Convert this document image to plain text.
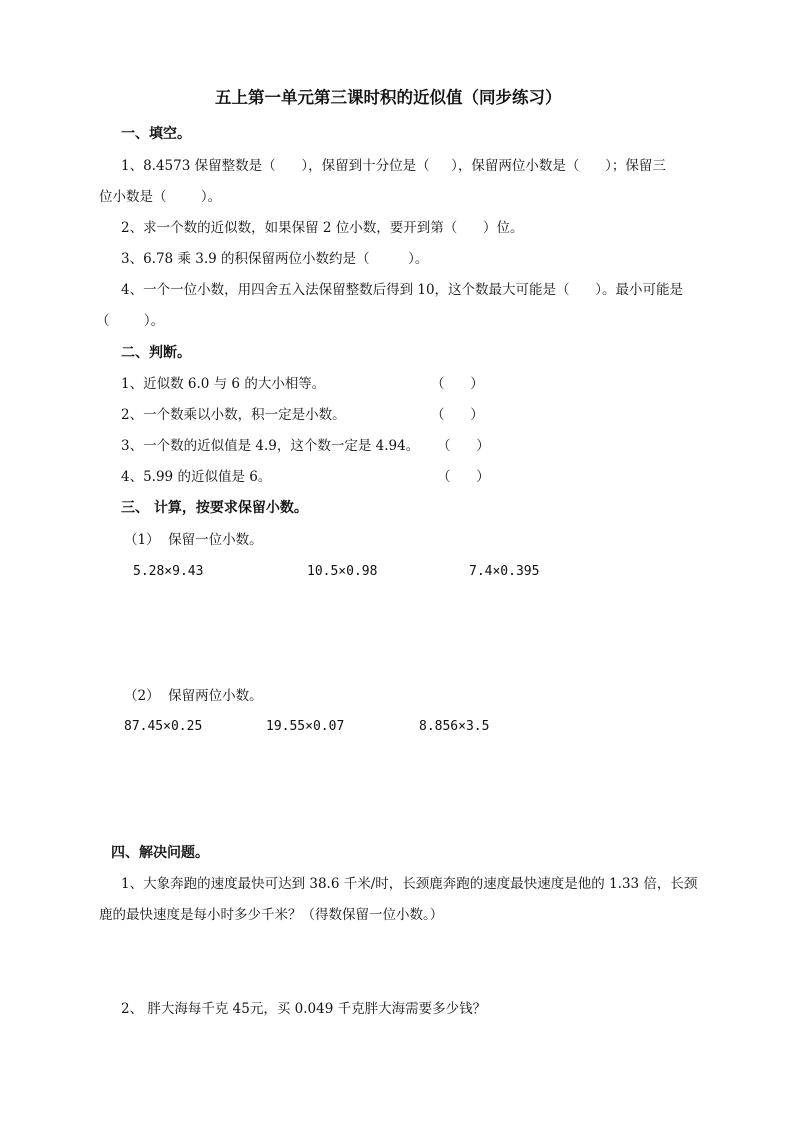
五上第一单元第三课时积的近似值（同步练习）
一、填空。
1、8.4573 保留整数是（      ），保留到十分位是（     ），保留两位小数是（      ）；保留三
位小数是（        ）。
2、求一个数的近似数，如果保留 2 位小数，要开到第（      ）位。
3、6.78 乘 3.9 的积保留两位小数约是（         ）。
4、一个一位小数，用四舍五入法保留整数后得到 10，这个数最大可能是（      ）。最小可能是
（        ）。
二、判断。
1、近似数 6.0 与 6 的大小相等。	（      ）
2、一个数乘以小数，积一定是小数。	（      ）
3、一个数的近似值是 4.9，这个数一定是 4.94。 （      ）
4、5.99 的近似值是 6。	（      ）
三、 计算，按要求保留小数。
（1）  保留一位小数。
5.28×9.43	10.5×0.98	7.4×0.395
（2）  保留两位小数。
87.45×0.25	19.55×0.07	8.856×3.5
四、解决问题。
1、大象奔跑的速度最快可达到 38.6 千米/时，长颈鹿奔跑的速度最快速度是他的 1.33 倍，长颈
鹿的最快速度是每小时多少千米？（得数保留一位小数。）
2、 胖大海每千克 45元，买 0.049 千克胖大海需要多少钱？
